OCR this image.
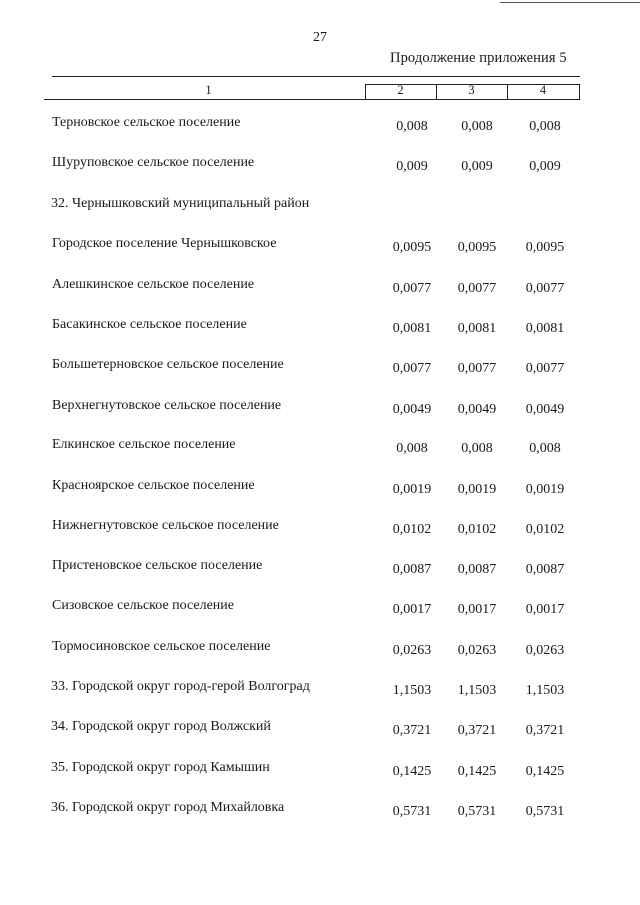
27
Продолжение приложения 5
1	2	3	4
Терновское сельское поселение	0,008	0,008	0,008
Шуруповское сельское поселение	0,009	0,009	0,009
32. Чернышковский муниципальный район
Городское поселение Чернышковское	0,0095	0,0095	0,0095
Алешкинское сельское поселение	0,0077	0,0077	0,0077
Басакинское сельское поселение	0,0081	0,0081	0,0081
Большетерновское сельское поселение	0,0077	0,0077	0,0077
Верхнегнутовское сельское поселение	0,0049	0,0049	0,0049
Елкинское сельское поселение	0,008	0,008	0,008
Красноярское сельское поселение	0,0019	0,0019	0,0019
Нижнегнутовское сельское поселение	0,0102	0,0102	0,0102
Пристеновское сельское поселение	0,0087	0,0087	0,0087
Сизовское сельское поселение	0,0017	0,0017	0,0017
Тормосиновское сельское поселение	0,0263	0,0263	0,0263
33. Городской округ город-герой Волгоград	1,1503	1,1503	1,1503
34. Городской округ город Волжский	0,3721	0,3721	0,3721
35. Городской округ город Камышин	0,1425	0,1425	0,1425
36. Городской округ город Михайловка	0,5731	0,5731	0,5731
